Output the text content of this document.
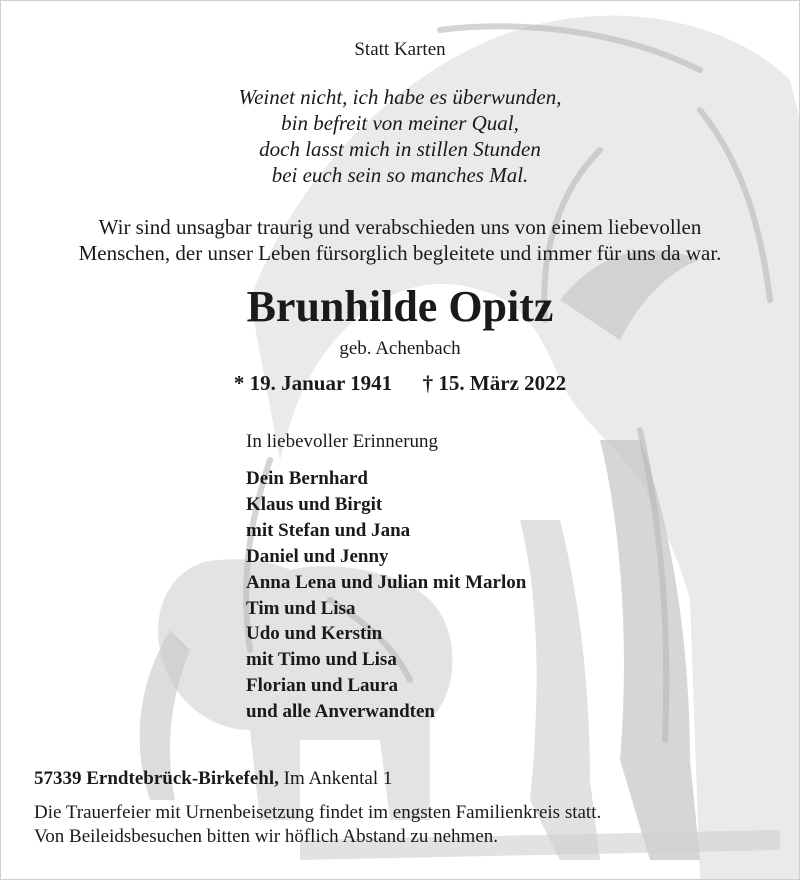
Statt Karten
Weinet nicht, ich habe es überwunden,
bin befreit von meiner Qual,
doch lasst mich in stillen Stunden
bei euch sein so manches Mal.
Wir sind unsagbar traurig und verabschieden uns von einem liebevollen
Menschen, der unser Leben fürsorglich begleitete und immer für uns da war.
Brunhilde Opitz
geb. Achenbach
* 19. Januar 1941 † 15. März 2022
In liebevoller Erinnerung
Dein Bernhard
Klaus und Birgit
mit Stefan und Jana
Daniel und Jenny
Anna Lena und Julian mit Marlon
Tim und Lisa
Udo und Kerstin
mit Timo und Lisa
Florian und Laura
und alle Anverwandten
57339 Erndtebrück-Birkefehl, Im Ankental 1
Die Trauerfeier mit Urnenbeisetzung findet im engsten Familienkreis statt.
Von Beileidsbesuchen bitten wir höflich Abstand zu nehmen.
